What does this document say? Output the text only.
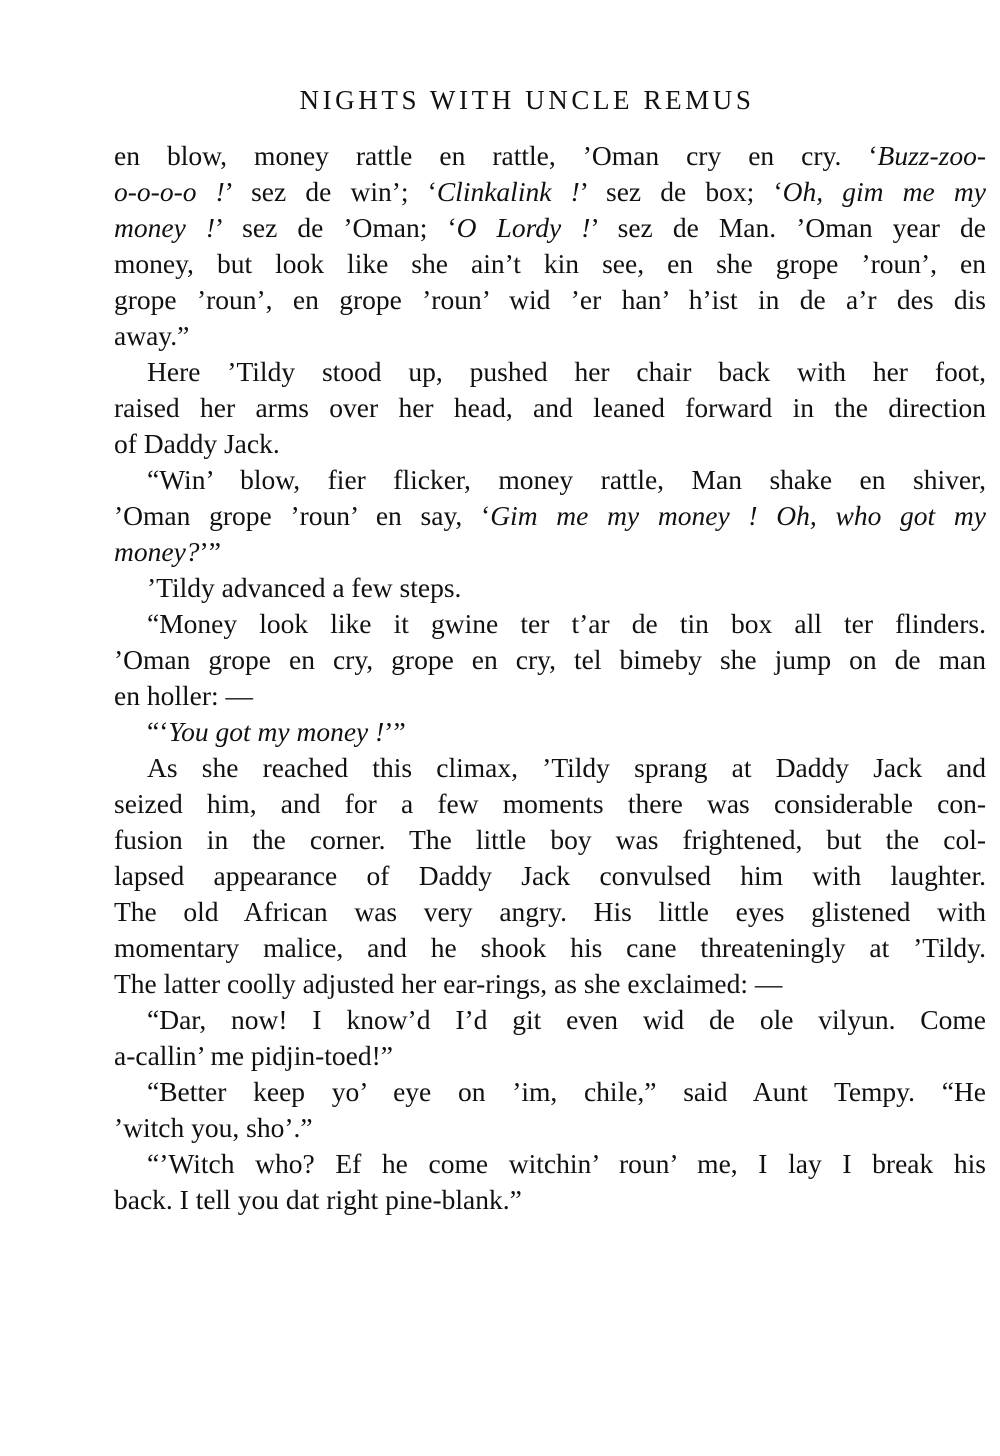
NIGHTS WITH UNCLE REMUS
en blow, money rattle en rattle, ’Oman cry en cry. ‘Buzz-zoo-
o-o-o-o !’ sez de win’; ‘Clinkalink !’ sez de box; ‘Oh, gim me my
money !’ sez de ’Oman; ‘O Lordy !’ sez de Man. ’Oman year de
money, but look like she ain’t kin see, en she grope ’roun’, en
grope ’roun’, en grope ’roun’ wid ’er han’ h’ist in de a’r des dis
away.”
Here ’Tildy stood up, pushed her chair back with her foot,
raised her arms over her head, and leaned forward in the direction
of Daddy Jack.
“Win’ blow, fier flicker, money rattle, Man shake en shiver,
’Oman grope ’roun’ en say, ‘Gim me my money ! Oh, who got my
money?’”
’Tildy advanced a few steps.
“Money look like it gwine ter t’ar de tin box all ter flinders.
’Oman grope en cry, grope en cry, tel bimeby she jump on de man
en holler: —
“‘You got my money !’”
As she reached this climax, ’Tildy sprang at Daddy Jack and
seized him, and for a few moments there was considerable con-
fusion in the corner. The little boy was frightened, but the col-
lapsed appearance of Daddy Jack convulsed him with laughter.
The old African was very angry. His little eyes glistened with
momentary malice, and he shook his cane threateningly at ’Tildy.
The latter coolly adjusted her ear-rings, as she exclaimed: —
“Dar, now! I know’d I’d git even wid de ole vilyun. Come
a-callin’ me pidjin-toed!”
“Better keep yo’ eye on ’im, chile,” said Aunt Tempy. “He
’witch you, sho’.”
“’Witch who? Ef he come witchin’ roun’ me, I lay I break his
back. I tell you dat right pine-blank.”
